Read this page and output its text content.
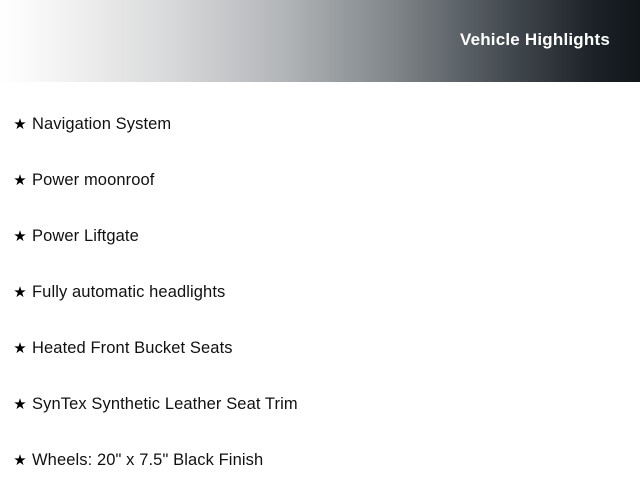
Vehicle Highlights
★ Navigation System
★ Power moonroof
★ Power Liftgate
★ Fully automatic headlights
★ Heated Front Bucket Seats
★ SynTex Synthetic Leather Seat Trim
★ Wheels: 20" x 7.5" Black Finish
